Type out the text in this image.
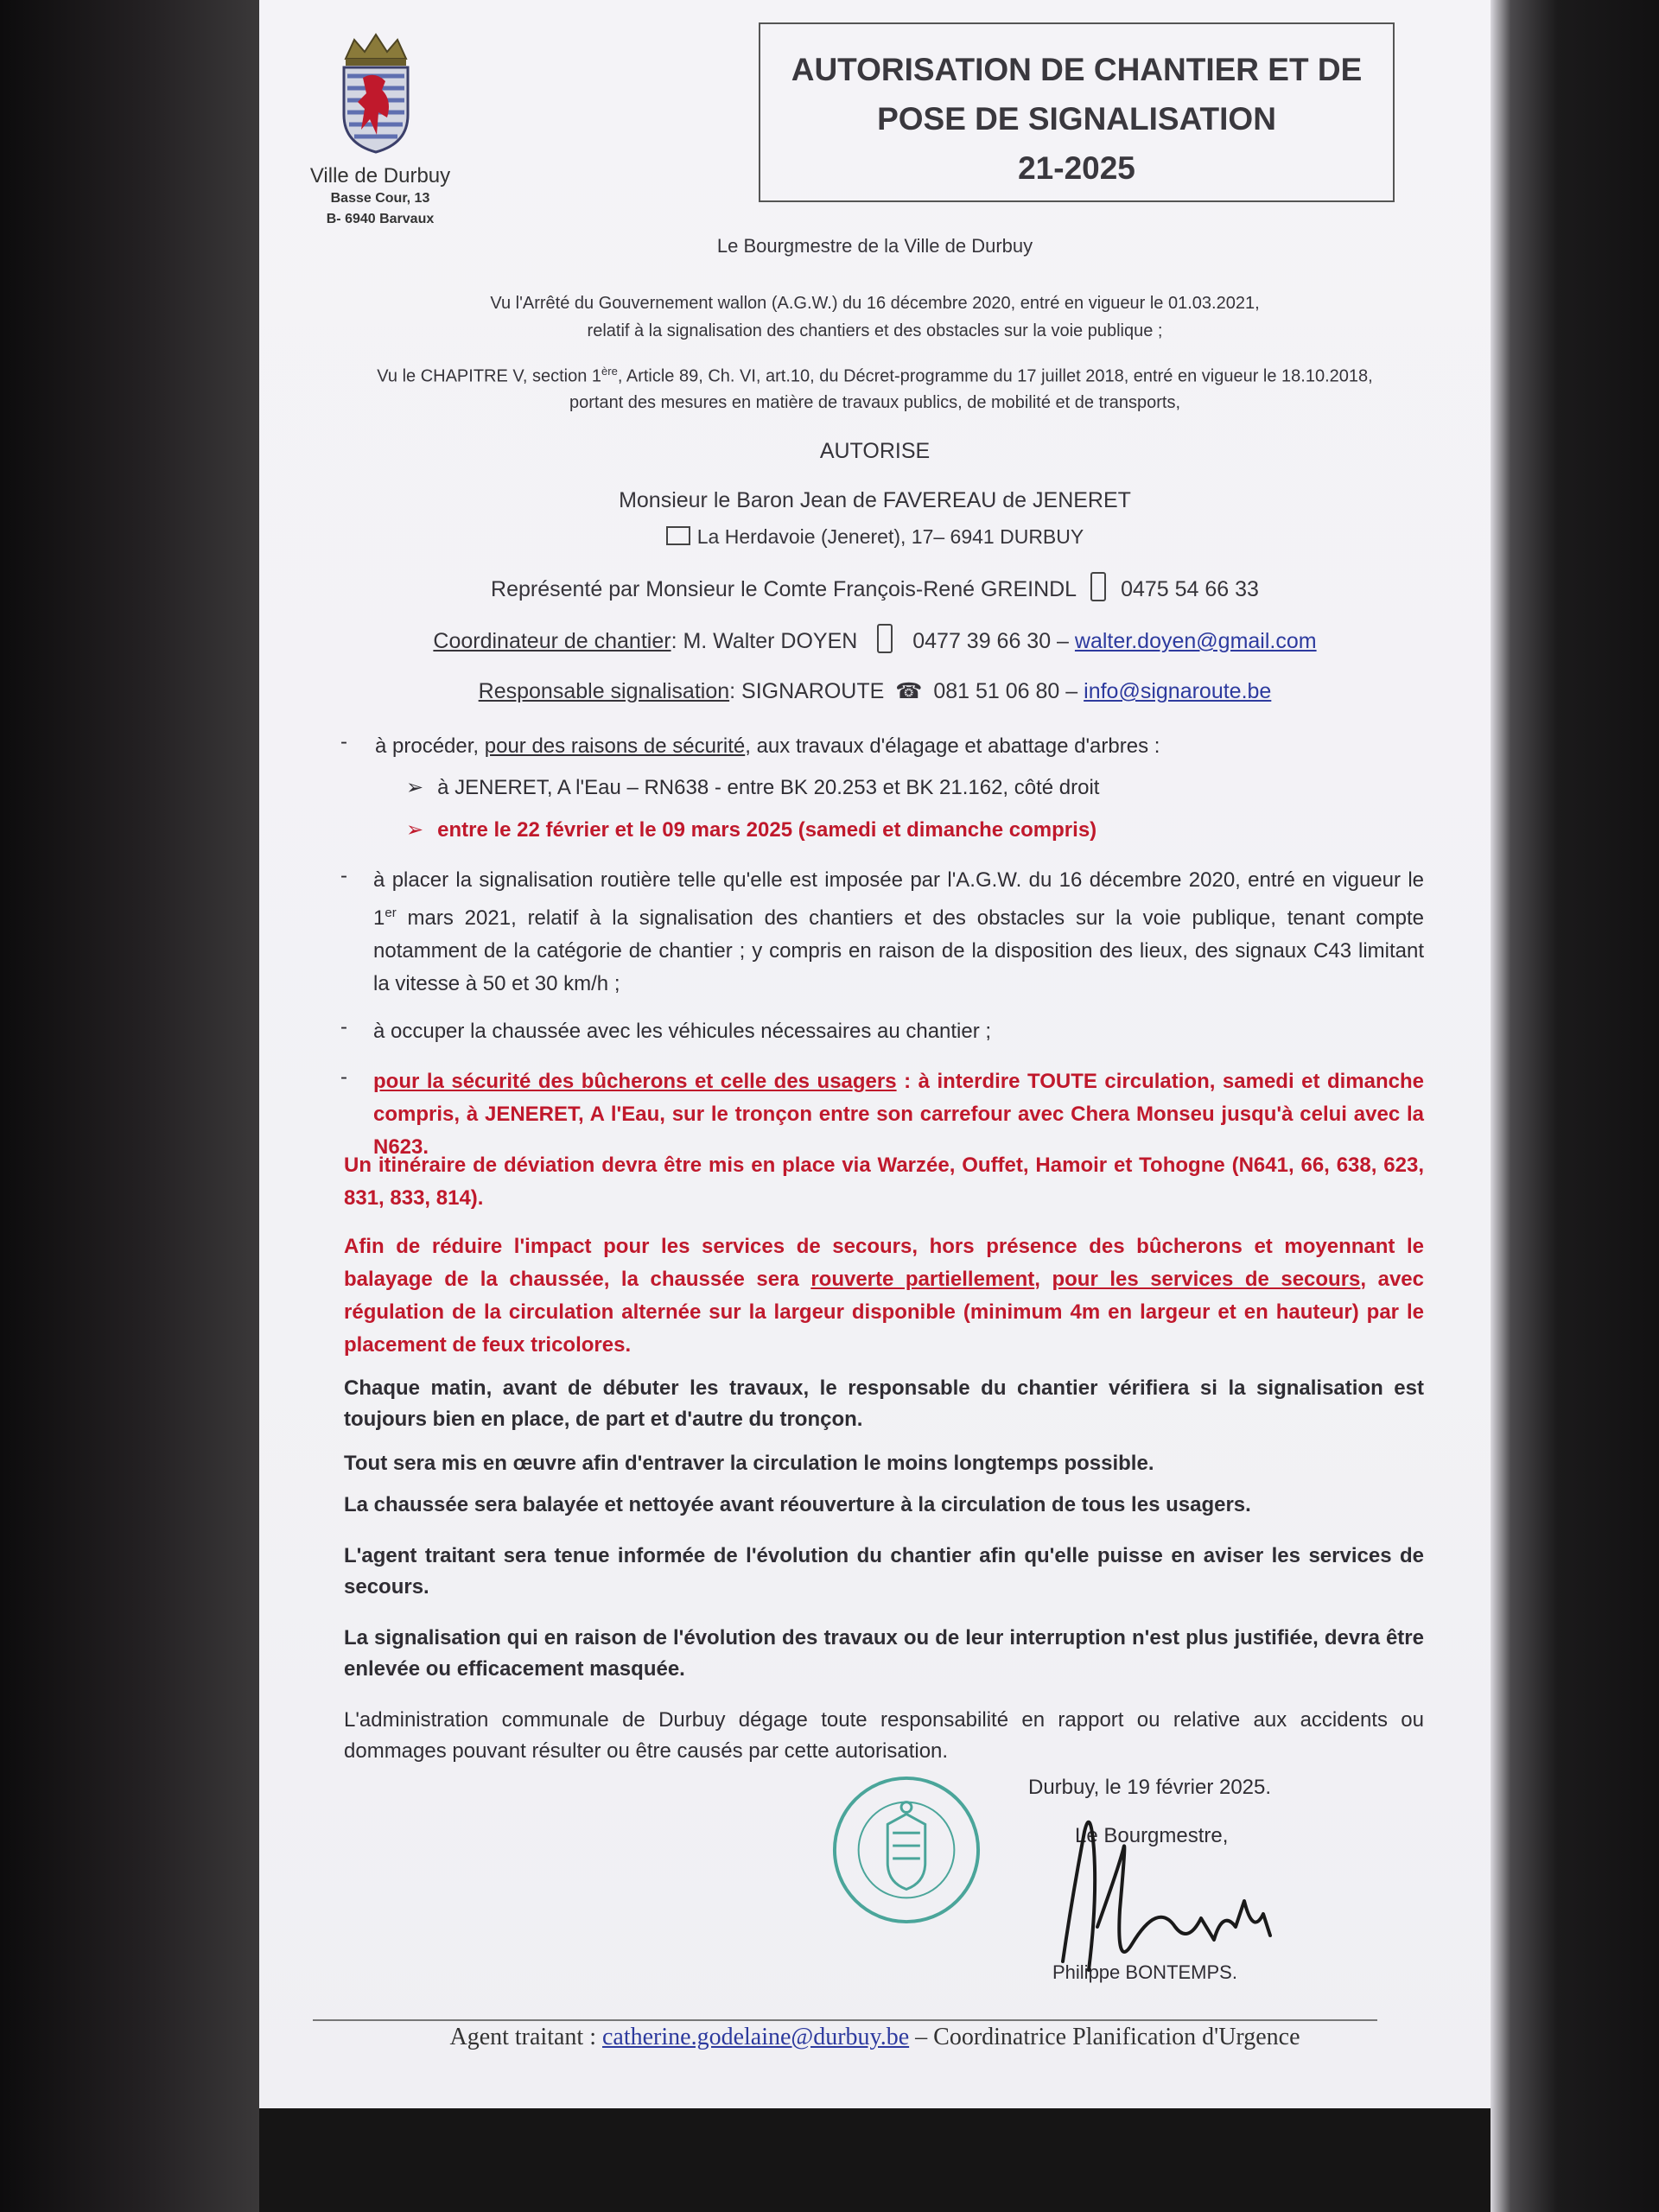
Ville de Durbuy
Basse Cour, 13
B- 6940 Barvaux
AUTORISATION DE CHANTIER ET DE
POSE DE SIGNALISATION
21-2025
Le Bourgmestre de la Ville de Durbuy
Vu l'Arrêté du Gouvernement wallon (A.G.W.) du 16 décembre 2020, entré en vigueur le 01.03.2021,
relatif à la signalisation des chantiers et des obstacles sur la voie publique ;
Vu le CHAPITRE V, section 1ère, Article 89, Ch. VI, art.10, du Décret-programme du 17 juillet 2018, entré en vigueur le 18.10.2018,
portant des mesures en matière de travaux publics, de mobilité et de transports,
AUTORISE
Monsieur le Baron Jean de FAVEREAU de JENERET
La Herdavoie (Jeneret), 17– 6941 DURBUY
Représenté par Monsieur le Comte François-René GREINDL 0475 54 66 33
Coordinateur de chantier: M. Walter DOYEN	0477 39 66 30 – walter.doyen@gmail.com
Responsable signalisation: SIGNAROUTE ☎ 081 51 06 80 – info@signaroute.be
- à procéder, pour des raisons de sécurité, aux travaux d'élagage et abattage d'arbres :
➢ à JENERET, A l'Eau – RN638 - entre BK 20.253 et BK 21.162, côté droit
➢ entre le 22 février et le 09 mars 2025 (samedi et dimanche compris)
- à placer la signalisation routière telle qu'elle est imposée par l'A.G.W. du 16 décembre 2020, entré en vigueur le 1er mars 2021, relatif à la signalisation des chantiers et des obstacles sur la voie publique, tenant compte notamment de la catégorie de chantier ; y compris en raison de la disposition des lieux, des signaux C43 limitant la vitesse à 50 et 30 km/h ;
- à occuper la chaussée avec les véhicules nécessaires au chantier ;
- pour la sécurité des bûcherons et celle des usagers : à interdire TOUTE circulation, samedi et dimanche compris, à JENERET, A l'Eau, sur le tronçon entre son carrefour avec Chera Monseu jusqu'à celui avec la N623.
Un itinéraire de déviation devra être mis en place via Warzée, Ouffet, Hamoir et Tohogne (N641, 66, 638, 623, 831, 833, 814).
Afin de réduire l'impact pour les services de secours, hors présence des bûcherons et moyennant le balayage de la chaussée, la chaussée sera rouverte partiellement, pour les services de secours, avec régulation de la circulation alternée sur la largeur disponible (minimum 4m en largeur et en hauteur) par le placement de feux tricolores.
Chaque matin, avant de débuter les travaux, le responsable du chantier vérifiera si la signalisation est toujours bien en place, de part et d'autre du tronçon.
Tout sera mis en œuvre afin d'entraver la circulation le moins longtemps possible.
La chaussée sera balayée et nettoyée avant réouverture à la circulation de tous les usagers.
L'agent traitant sera tenue informée de l'évolution du chantier afin qu'elle puisse en aviser les services de secours.
La signalisation qui en raison de l'évolution des travaux ou de leur interruption n'est plus justifiée, devra être enlevée ou efficacement masquée.
L'administration communale de Durbuy dégage toute responsabilité en rapport ou relative aux accidents ou dommages pouvant résulter ou être causés par cette autorisation.
Durbuy, le 19 février 2025.
Le Bourgmestre,
Philippe BONTEMPS.
Agent traitant : catherine.godelaine@durbuy.be – Coordinatrice Planification d'Urgence
